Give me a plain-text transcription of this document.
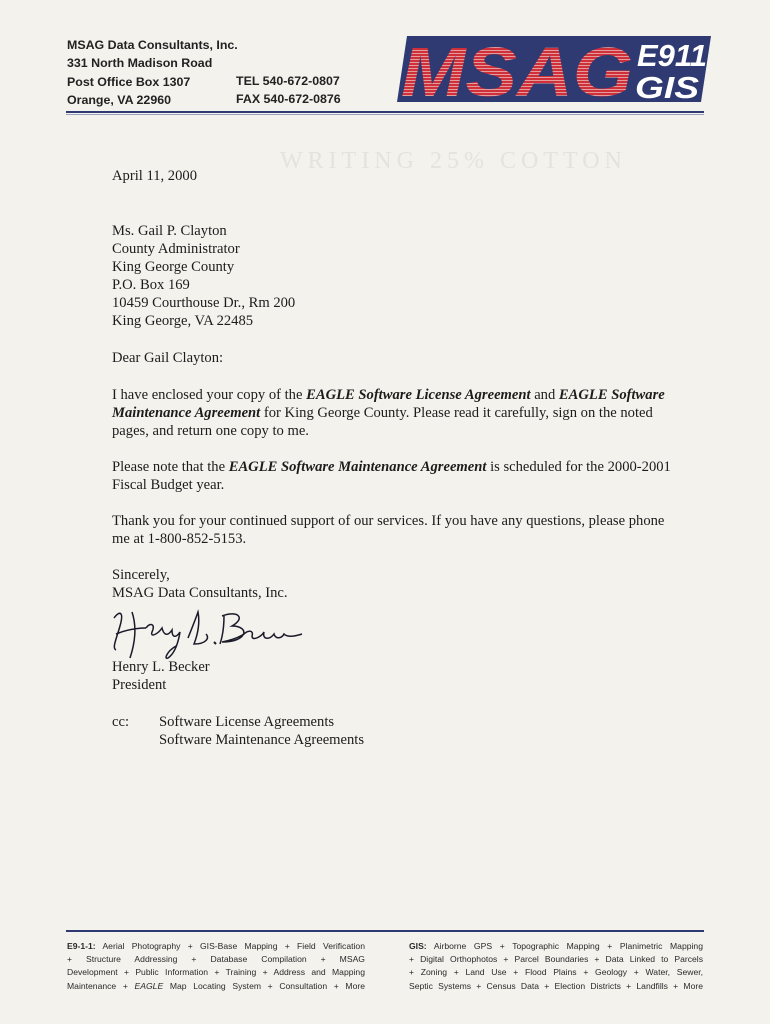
WRITING 25% COTTON
MSAG Data Consultants, Inc.
331 North Madison Road
Post Office Box 1307
Orange, VA 22960
TEL 540-672-0807
FAX 540-672-0876 MSAG E911
GIS
April 11, 2000
Ms. Gail P. Clayton
County Administrator
King George County
P.O. Box 169
10459 Courthouse Dr., Rm 200
King George, VA 22485
Dear Gail Clayton:

I have enclosed your copy of the EAGLE Software License Agreement and EAGLE Software Maintenance Agreement for King George County. Please read it carefully, sign on the noted pages, and return one copy to me.

Please note that the EAGLE Software Maintenance Agreement is scheduled for the 2000-2001 Fiscal Budget year.

Thank you for your continued support of our services. If you have any questions, please phone me at 1-800-852-5153.

Sincerely,
MSAG Data Consultants, Inc.
Henry L. Becker
President
cc:	Software License Agreements
Software Maintenance Agreements
E9-1-1: Aerial Photography + GIS-Base Mapping + Field Verification
+ Structure Addressing + Database Compilation + MSAG
Development + Public Information + Training + Address and Mapping
Maintenance + EAGLE Map Locating System + Consultation + More
GIS: Airborne GPS + Topographic Mapping + Planimetric Mapping
+ Digital Orthophotos + Parcel Boundaries + Data Linked to Parcels
+ Zoning + Land Use + Flood Plains + Geology + Water, Sewer,
Septic Systems + Census Data + Election Districts + Landfills + More
